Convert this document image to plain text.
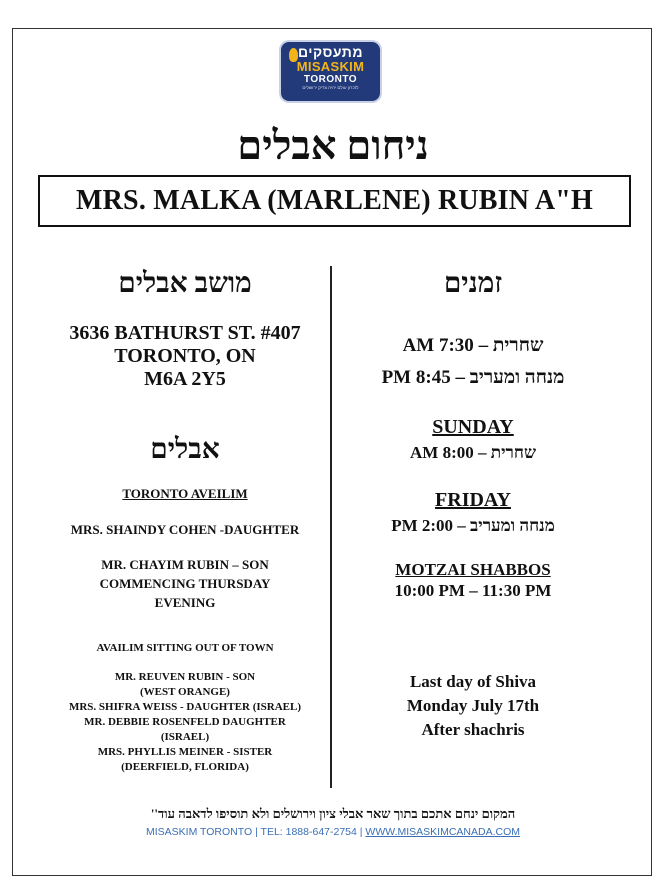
מתעסקים
MISASKIM
TORONTO
לזכרון עולם יהיה צדיק ירושלים
ניחום אבלים
MRS. MALKA (MARLENE) RUBIN A"H
מושב אבלים
3636 BATHURST ST. #407
TORONTO, ON
M6A 2Y5
אבלים
TORONTO AVEILIM
MRS. SHAINDY COHEN -DAUGHTER
MR. CHAYIM RUBIN – SON
COMMENCING THURSDAY
EVENING
AVAILIM SITTING OUT OF TOWN
MR. REUVEN RUBIN - SON
(WEST ORANGE)
MRS. SHIFRA WEISS - DAUGHTER (ISRAEL)
MR. DEBBIE ROSENFELD DAUGHTER
(ISRAEL)
MRS. PHYLLIS MEINER - SISTER
(DEERFIELD, FLORIDA)
זמנים
שחרית – 7:30 AM
מנחה ומעריב – 8:45 PM
SUNDAY
שחרית – 8:00 AM
FRIDAY
מנחה ומעריב – 2:00 PM
MOTZAI SHABBOS
10:00 PM – 11:30 PM
Last day of Shiva
Monday July 17th
After shachris
המקום ינחם אתכם בתוך שאר אבלי ציון וירושלים ולא תוסיפו לדאבה עוד''
MISASKIM TORONTO | TEL: 1888-647-2754 | WWW.MISASKIMCANADA.COM
